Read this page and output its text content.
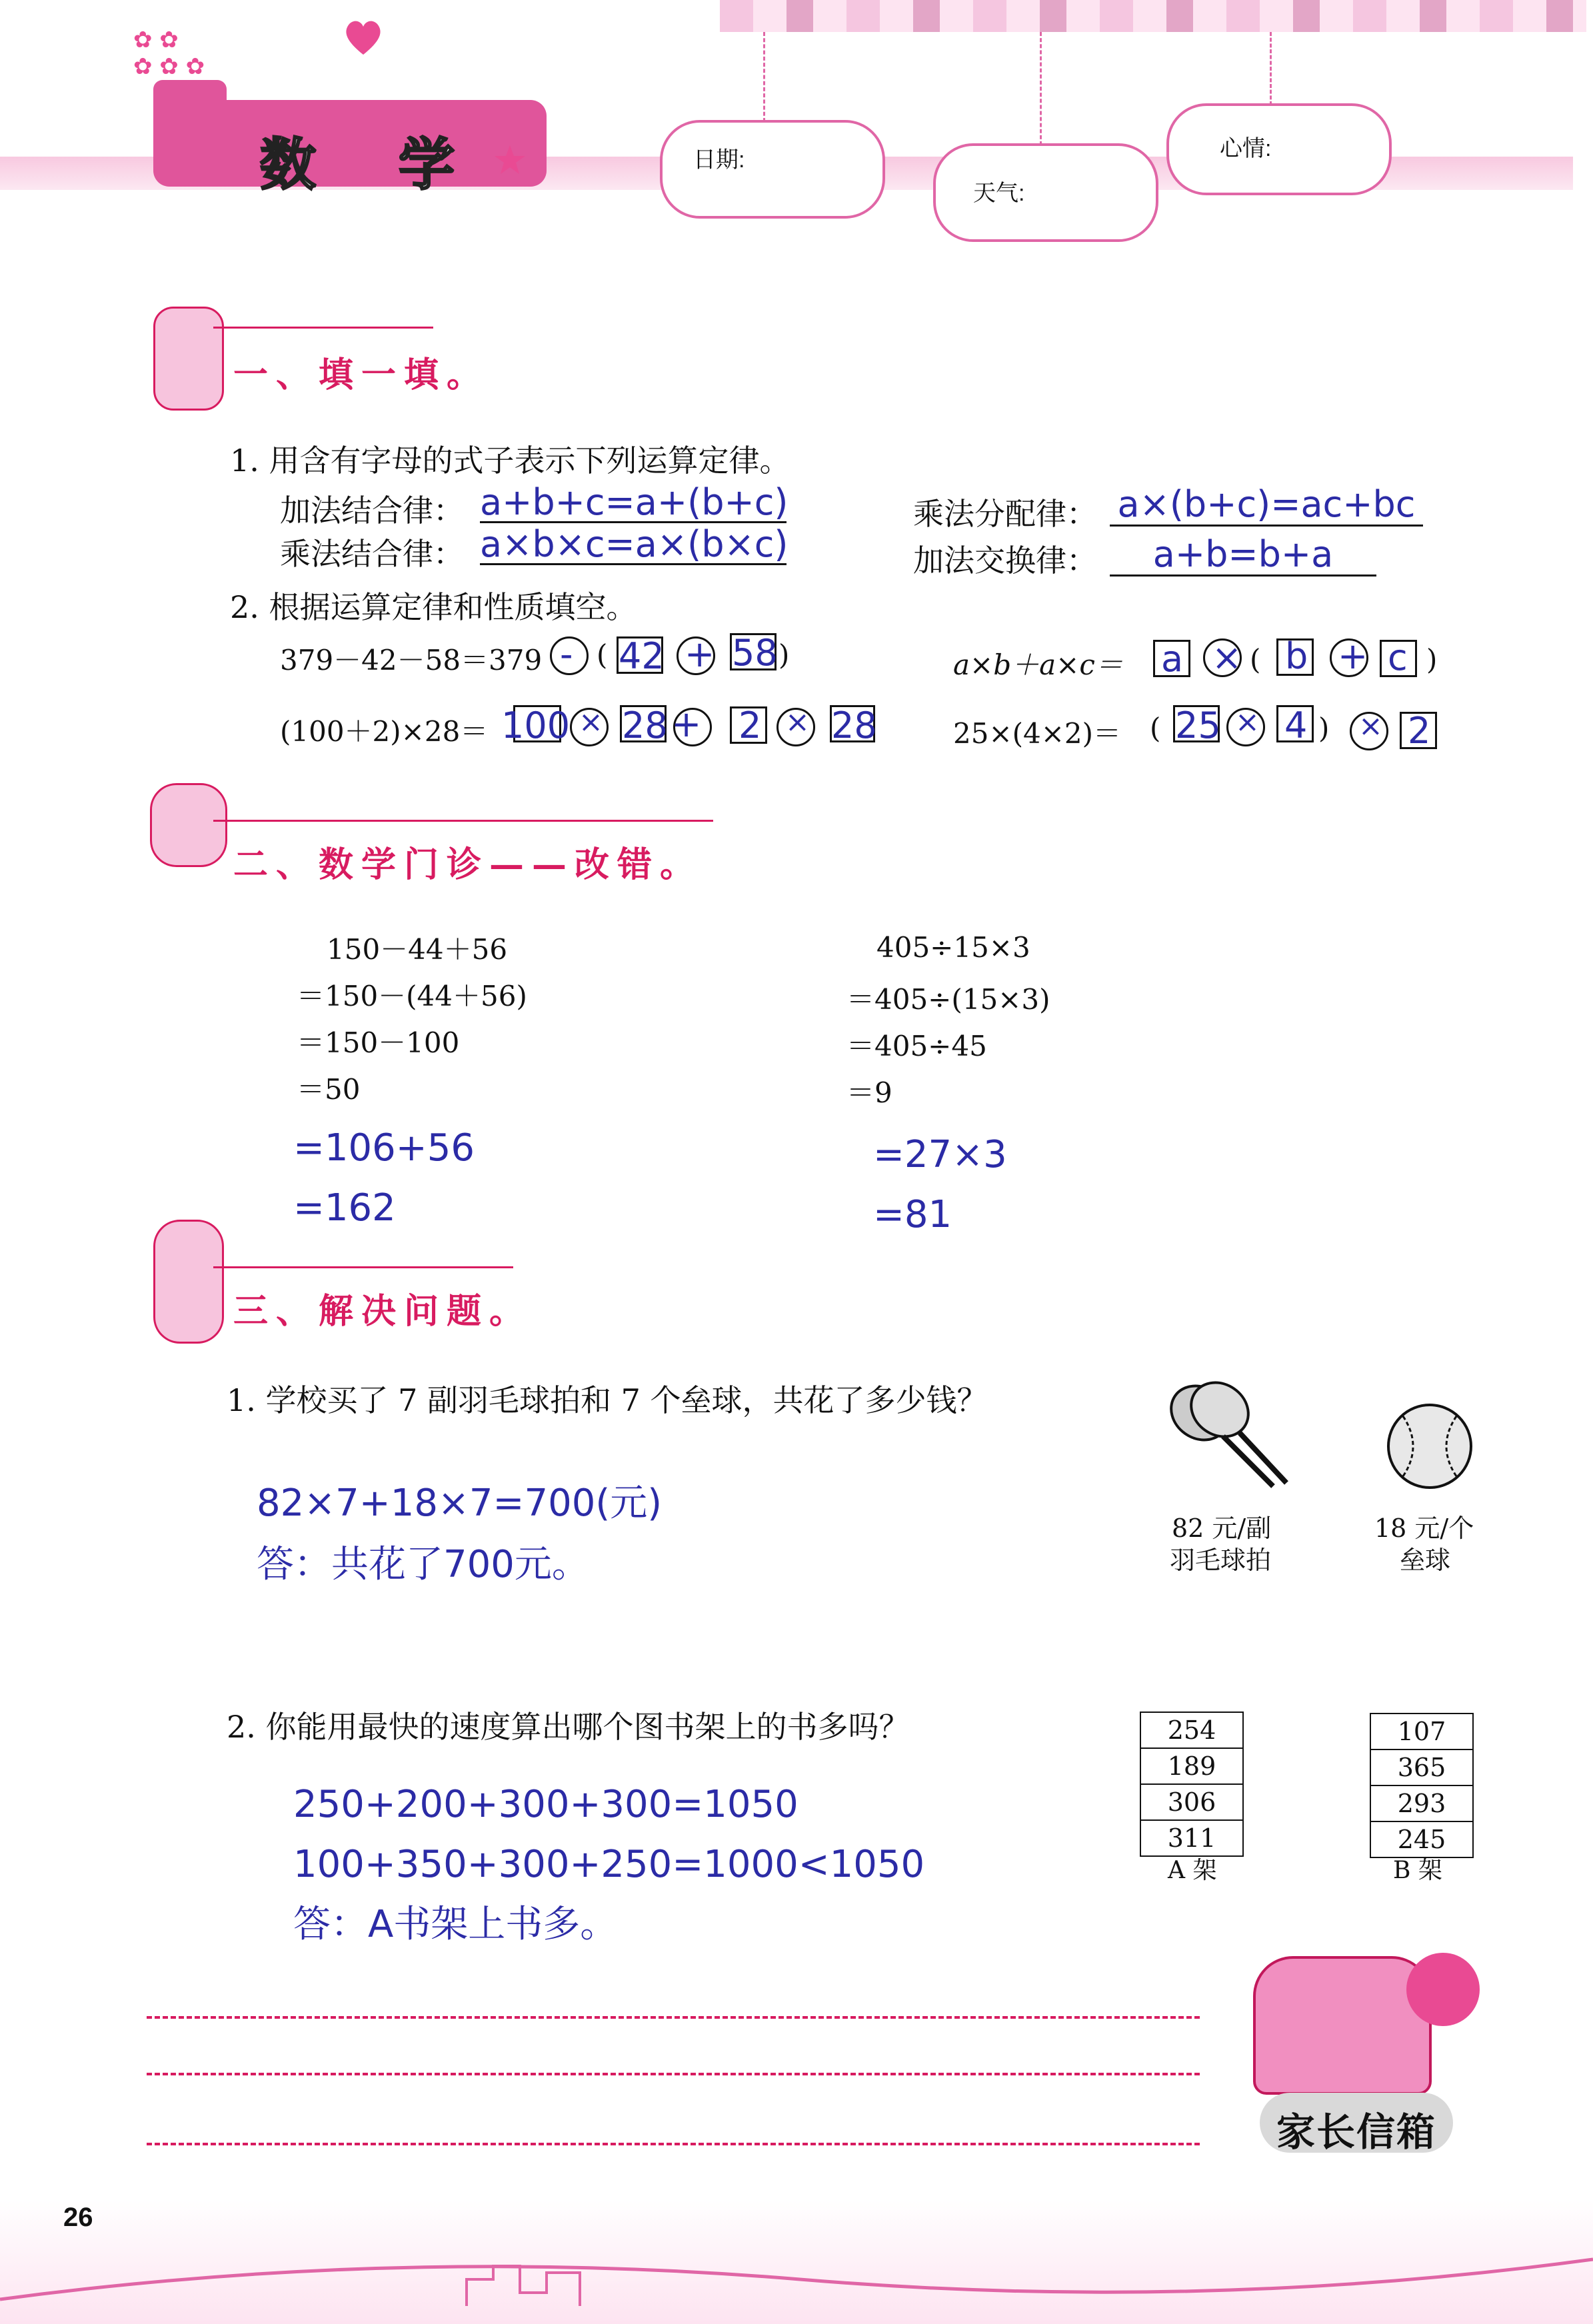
数　学
✿ ✿
✿ ✿ ✿
日期:
天气:
心情:
一、填一填。
1. 用含有字母的式子表示下列运算定律。
加法结合律： a+b+c=a+(b+c)
乘法结合律： a×b×c=a×(b×c)
乘法分配律： a×(b+c)=ac+bc
加法交换律：	a+b=b+a
2. 根据运算定律和性质填空。
379－42－58＝379 - ( 42 + 58 )	a×b＋a×c＝ a × ( b + c )
(100＋2)×28＝ 100 × 28 + 2 × 28	25×(4×2)＝ ( 25 × 4 ) × 2
二、数学门诊——改错。
150－44＋56
＝150－(44＋56)
＝150－100
＝50
=106+56
=162
405÷15×3
＝405÷(15×3)
＝405÷45
＝9
=27×3
=81
三、解决问题。
1. 学校买了 7 副羽毛球拍和 7 个垒球，共花了多少钱？
82×7+18×7=700(元)
答：共花了700元。
82 元/副
羽毛球拍
18 元/个
垒球
2. 你能用最快的速度算出哪个图书架上的书多吗？
250+200+300+300=1050
100+350+300+250=1000<1050
答：A书架上书多。
254
189
306
311
A 架
107
365
293
245
B 架
家长信箱
26
